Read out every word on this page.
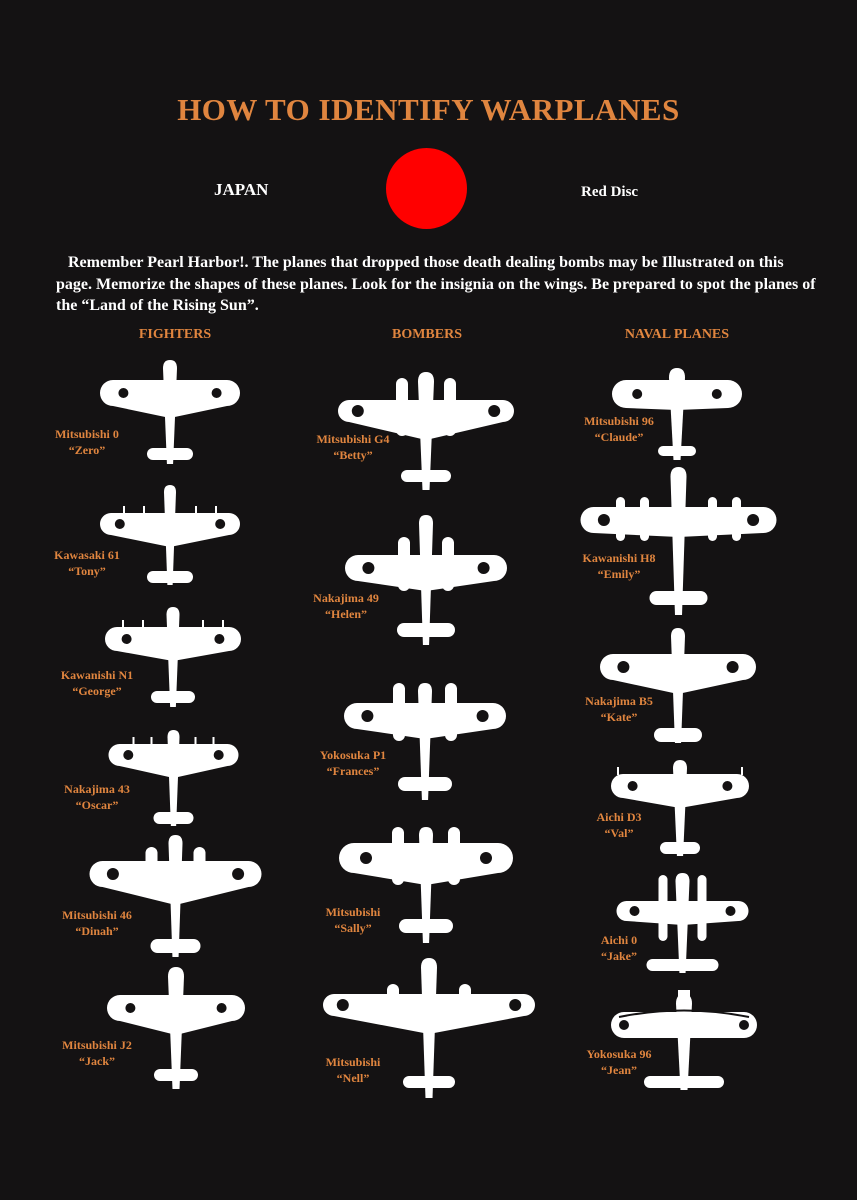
HOW TO IDENTIFY WARPLANES
JAPAN	Red Disc
Remember Pearl Harbor!. The planes that dropped those death dealing bombs may be Illustrated on this page. Memorize the shapes of these planes. Look for the insignia on the wings. Be prepared to spot the planes of the “Land of the Rising Sun”.
FIGHTERS	BOMBERS	NAVAL PLANES
Mitsubishi 0
“Zero”
Kawasaki 61
“Tony”
Kawanishi N1
“George”
Nakajima 43
“Oscar”
Mitsubishi 46
“Dinah”
Mitsubishi J2
“Jack”
Mitsubishi G4
“Betty”
Nakajima 49
“Helen”
Yokosuka P1
“Frances”
Mitsubishi
“Sally”
Mitsubishi
“Nell”
Mitsubishi 96
“Claude”
Kawanishi H8
“Emily”
Nakajima B5
“Kate”
Aichi D3
“Val”
Aichi 0
“Jake”
Yokosuka 96
“Jean”
